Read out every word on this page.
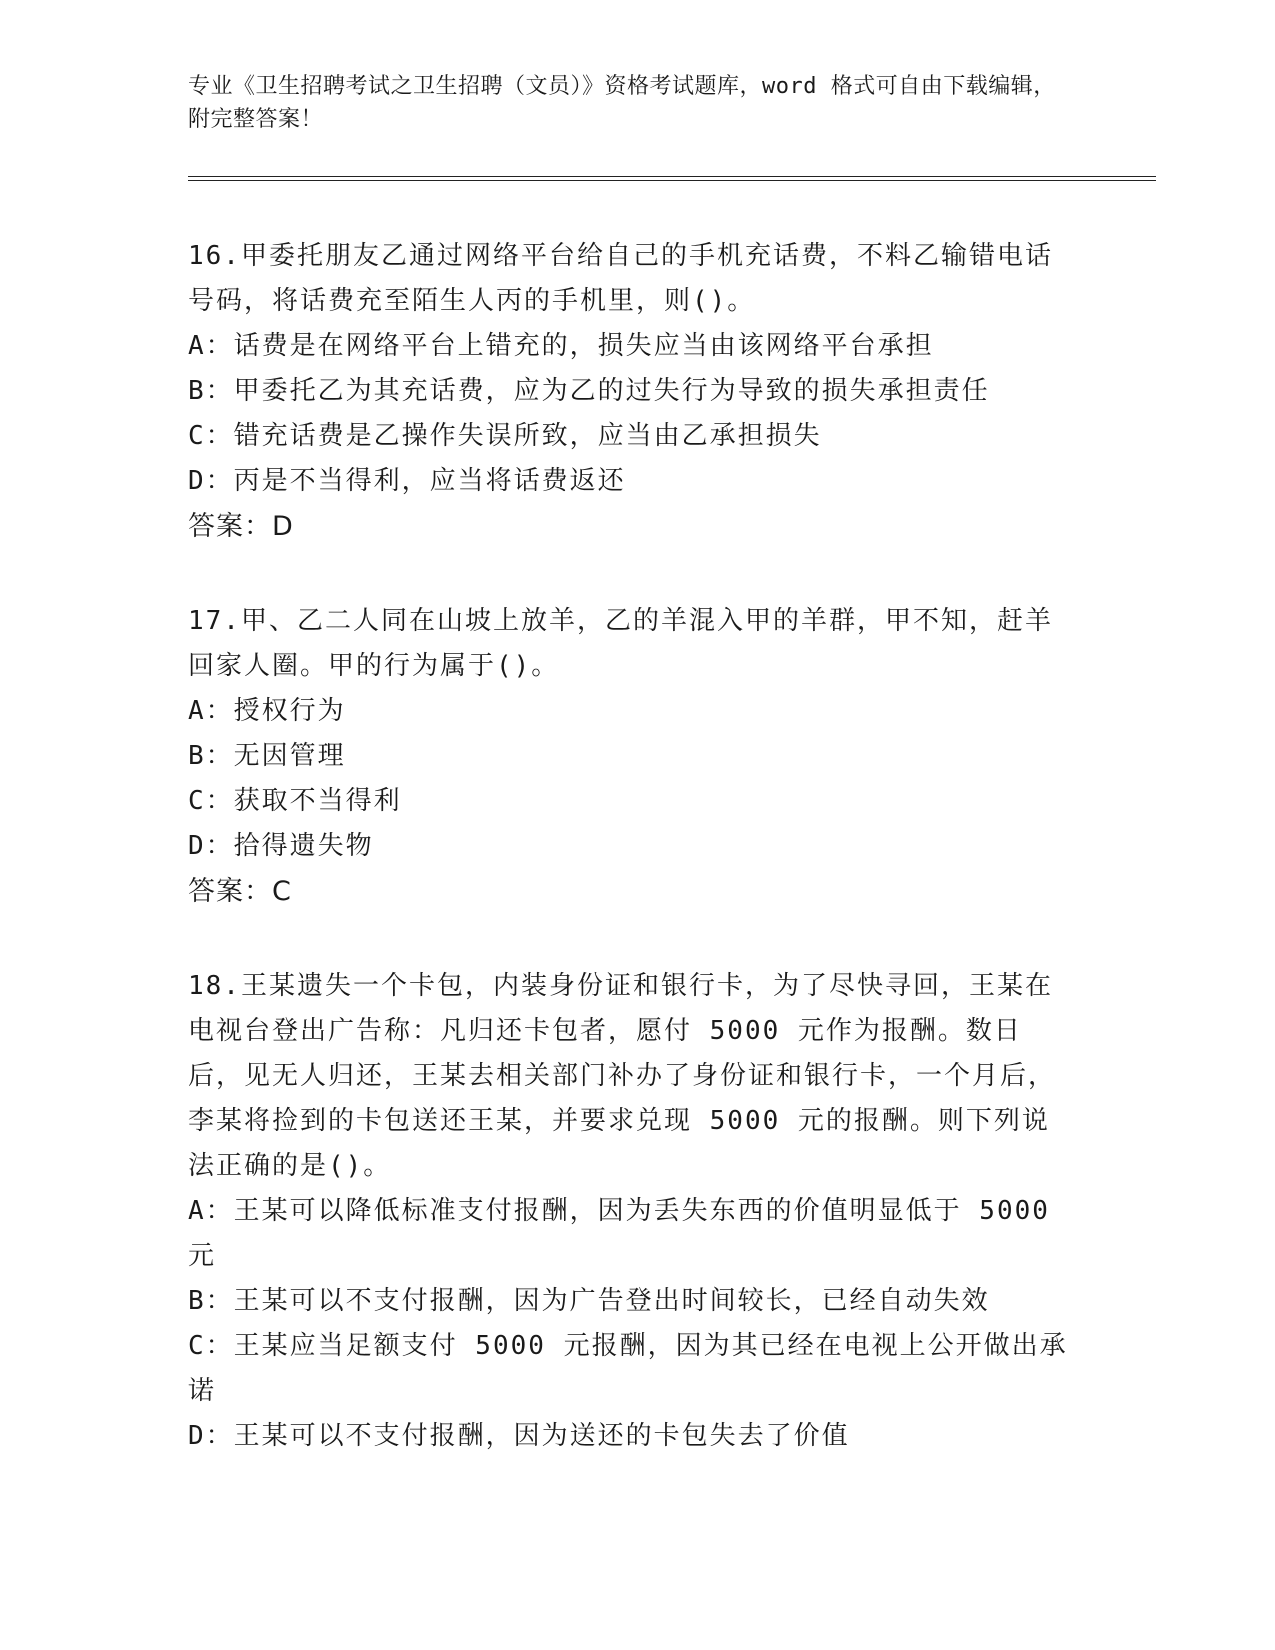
专业《卫生招聘考试之卫生招聘（文员）》资格考试题库，word 格式可自由下载编辑，附完整答案！

16.甲委托朋友乙通过网络平台给自己的手机充话费，不料乙输错电话号码，将话费充至陌生人丙的手机里，则()。

A：话费是在网络平台上错充的，损失应当由该网络平台承担

B：甲委托乙为其充话费，应为乙的过失行为导致的损失承担责任

C：错充话费是乙操作失误所致，应当由乙承担损失

D：丙是不当得利，应当将话费返还

答案：D

17.甲、乙二人同在山坡上放羊，乙的羊混入甲的羊群，甲不知，赶羊回家人圈。甲的行为属于()。

A：授权行为

B：无因管理

C：获取不当得利

D：拾得遗失物

答案：C

18.王某遗失一个卡包，内装身份证和银行卡，为了尽快寻回，王某在电视台登出广告称：凡归还卡包者，愿付 5000 元作为报酬。数日后，见无人归还，王某去相关部门补办了身份证和银行卡，一个月后，李某将捡到的卡包送还王某，并要求兑现 5000 元的报酬。则下列说法正确的是()。

A：王某可以降低标准支付报酬，因为丢失东西的价值明显低于 5000 元

B：王某可以不支付报酬，因为广告登出时间较长，已经自动失效

C：王某应当足额支付 5000 元报酬，因为其已经在电视上公开做出承诺

D：王某可以不支付报酬，因为送还的卡包失去了价值
